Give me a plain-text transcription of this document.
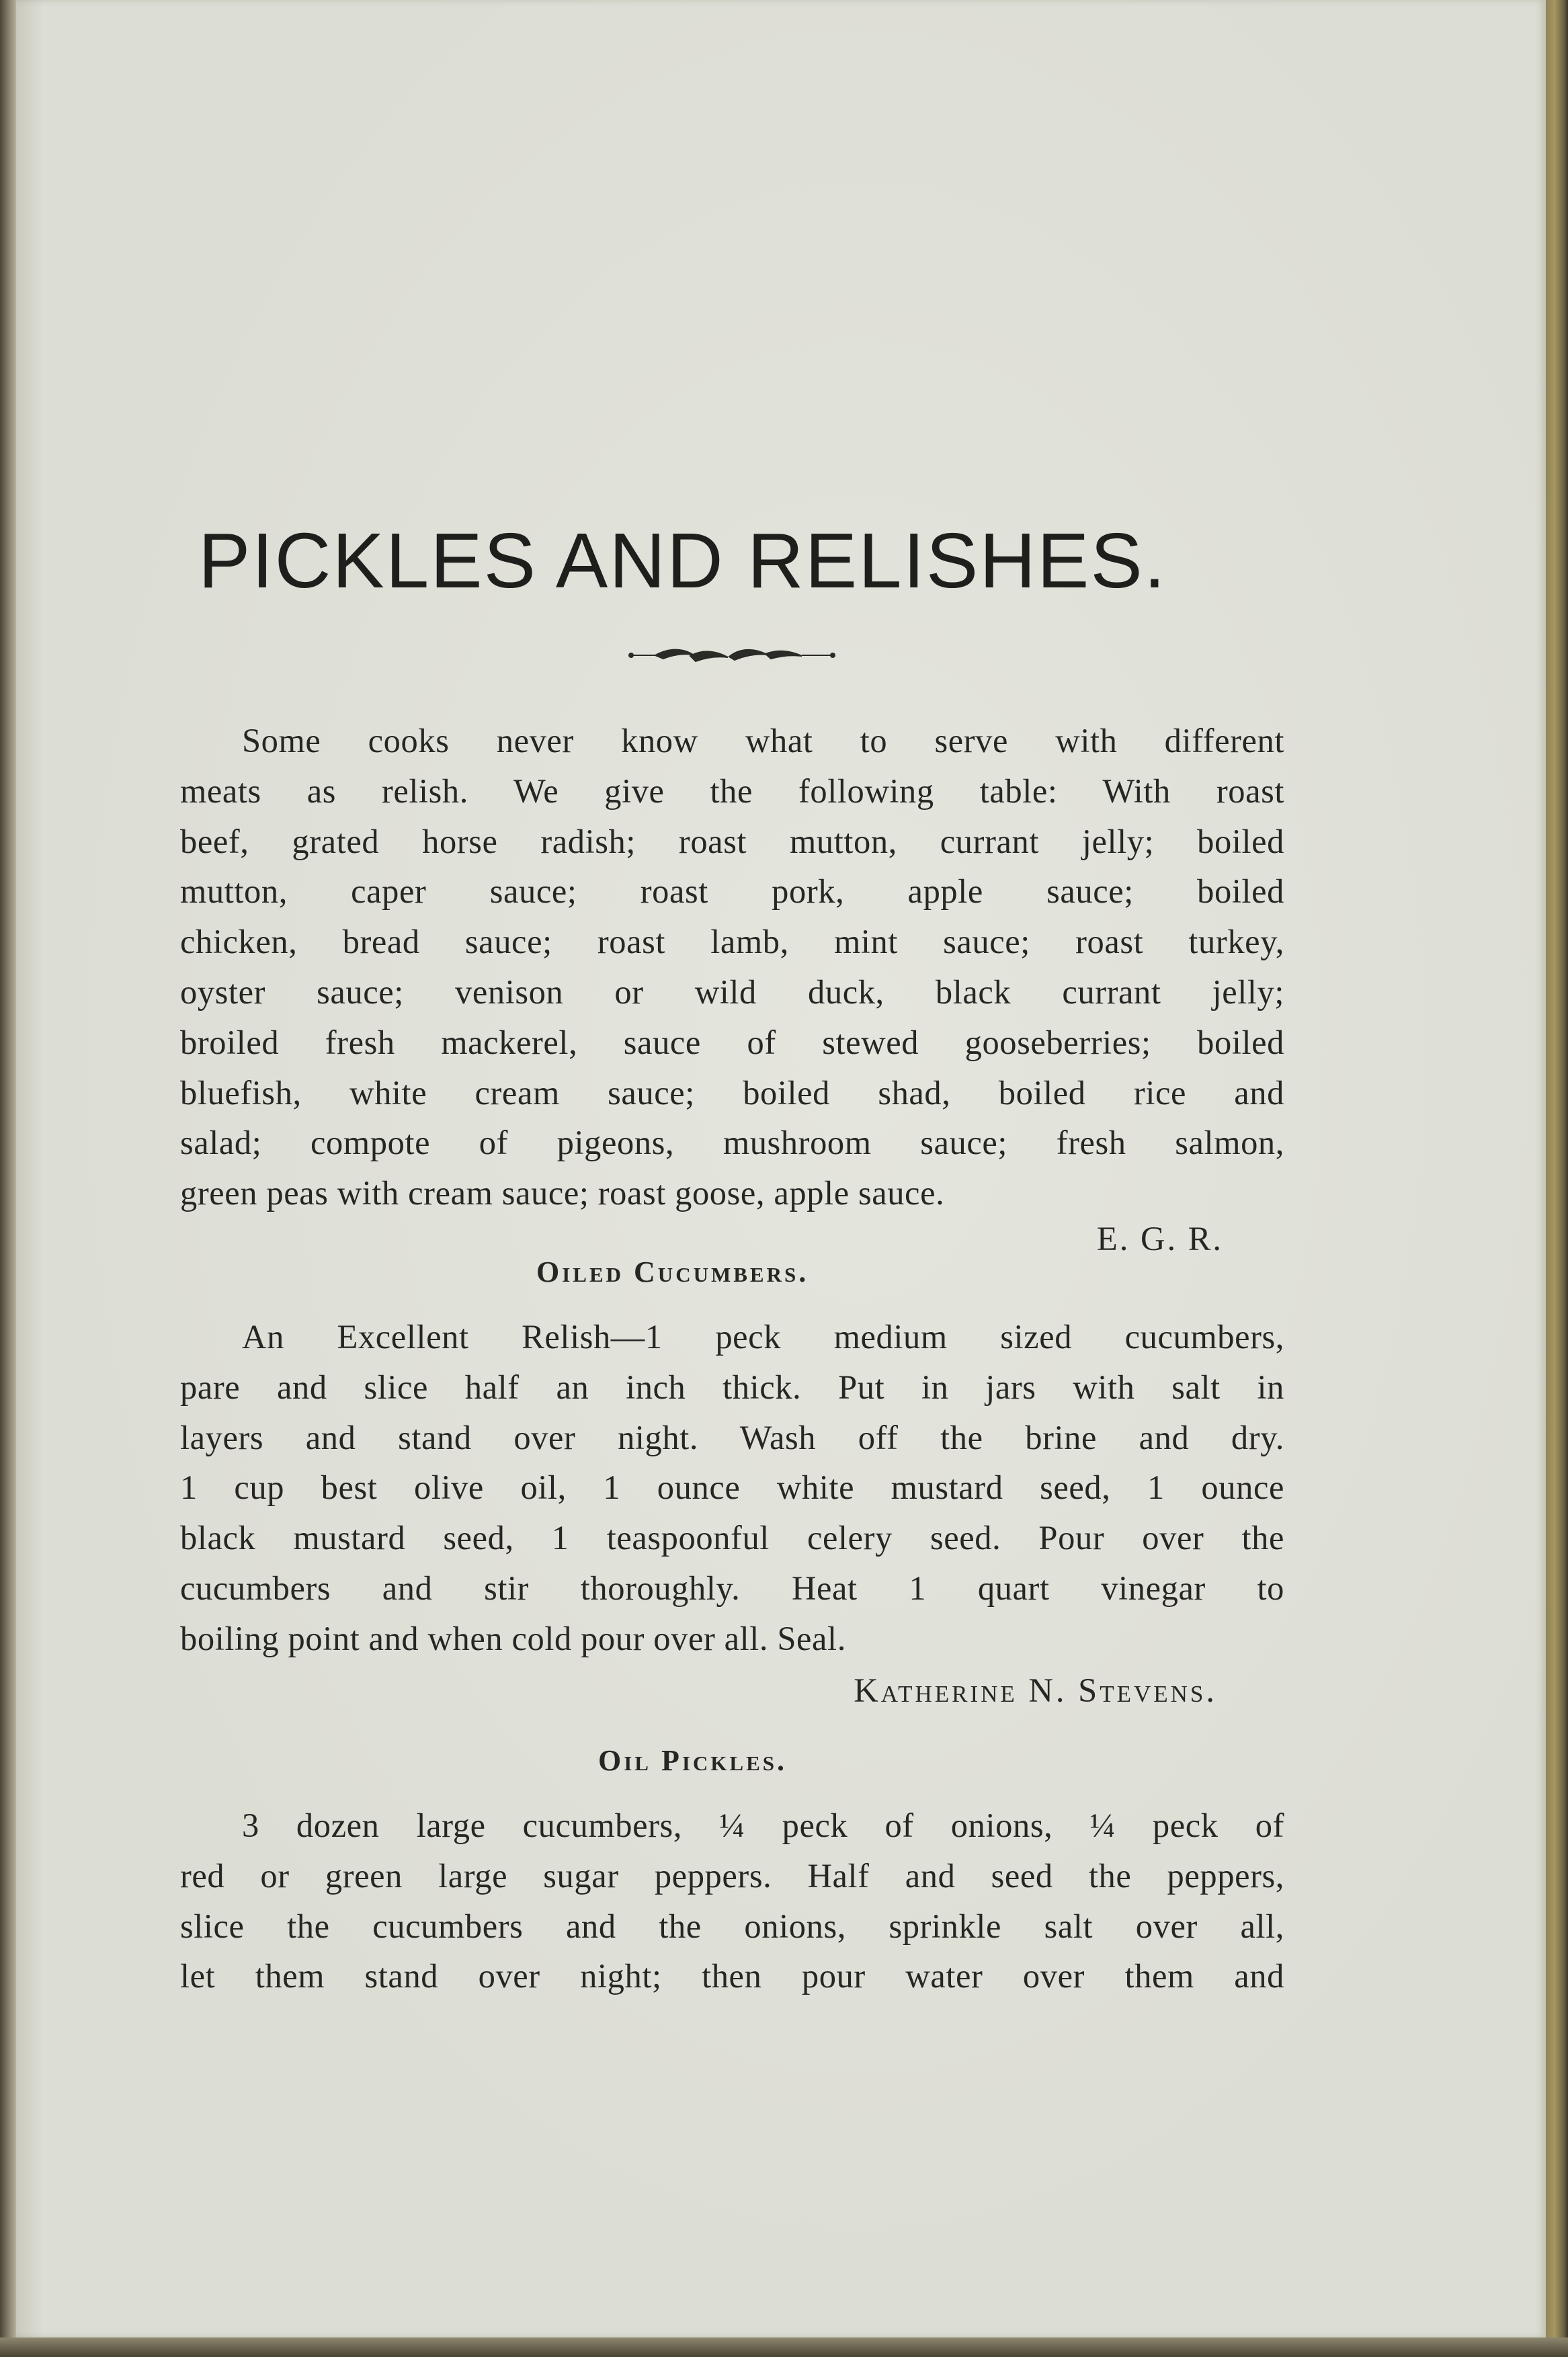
PICKLES AND RELISHES.
Some cooks never know what to serve with different
meats as relish. We give the following table: With roast
beef, grated horse radish; roast mutton, currant jelly; boiled
mutton, caper sauce; roast pork, apple sauce; boiled
chicken, bread sauce; roast lamb, mint sauce; roast turkey,
oyster sauce; venison or wild duck, black currant jelly;
broiled fresh mackerel, sauce of stewed gooseberries; boiled
bluefish, white cream sauce; boiled shad, boiled rice and
salad; compote of pigeons, mushroom sauce; fresh salmon,
green peas with cream sauce; roast goose, apple sauce.
E. G. R.
Oiled Cucumbers.
An Excellent Relish—1 peck medium sized cucumbers,
pare and slice half an inch thick. Put in jars with salt in
layers and stand over night. Wash off the brine and dry.
1 cup best olive oil, 1 ounce white mustard seed, 1 ounce
black mustard seed, 1 teaspoonful celery seed. Pour over the
cucumbers and stir thoroughly. Heat 1 quart vinegar to
boiling point and when cold pour over all. Seal.
Katherine N. Stevens.
Oil Pickles.
3 dozen large cucumbers, ¼ peck of onions, ¼ peck of
red or green large sugar peppers. Half and seed the peppers,
slice the cucumbers and the onions, sprinkle salt over all,
let them stand over night; then pour water over them and
